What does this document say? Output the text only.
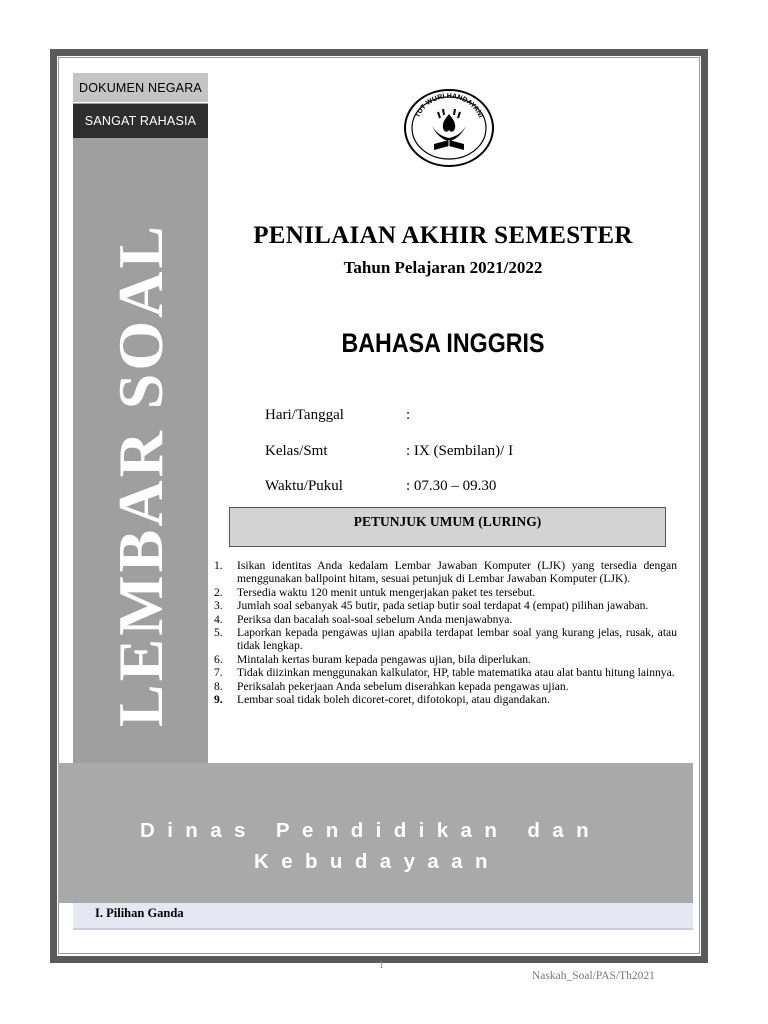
DOKUMEN NEGARA
SANGAT RAHASIA
LEMBAR SOAL
TUT WURI HANDAYANI
PENILAIAN AKHIR SEMESTER
Tahun Pelajaran 2021/2022
BAHASA INGGRIS
Hari/Tanggal	:
Kelas/Smt	: IX (Sembilan)/ I
Waktu/Pukul	: 07.30 – 09.30
PETUNJUK UMUM (LURING)
1. Isikan identitas Anda kedalam Lembar Jawaban Komputer (LJK) yang tersedia dengan menggunakan ballpoint hitam, sesuai petunjuk di Lembar Jawaban Komputer (LJK).
2. Tersedia waktu 120 menit untuk mengerjakan paket tes tersebut.
3. Jumlah soal sebanyak 45 butir, pada setiap butir soal terdapat 4 (empat) pilihan jawaban.
4. Periksa dan bacalah soal-soal sebelum Anda menjawabnya.
5. Laporkan kepada pengawas ujian apabila terdapat lembar soal yang kurang jelas, rusak, atau tidak lengkap.
6. Mintalah kertas buram kepada pengawas ujian, bila diperlukan.
7. Tidak diizinkan menggunakan kalkulator, HP, table matematika atau alat bantu hitung lainnya.
8. Periksalah pekerjaan Anda sebelum diserahkan kepada pengawas ujian.
9. Lembar soal tidak boleh dicoret-coret, difotokopi, atau digandakan.
Dinas Pendidikan dan
Kebudayaan
I. Pilihan Ganda
1
Naskah_Soal/PAS/Th2021
